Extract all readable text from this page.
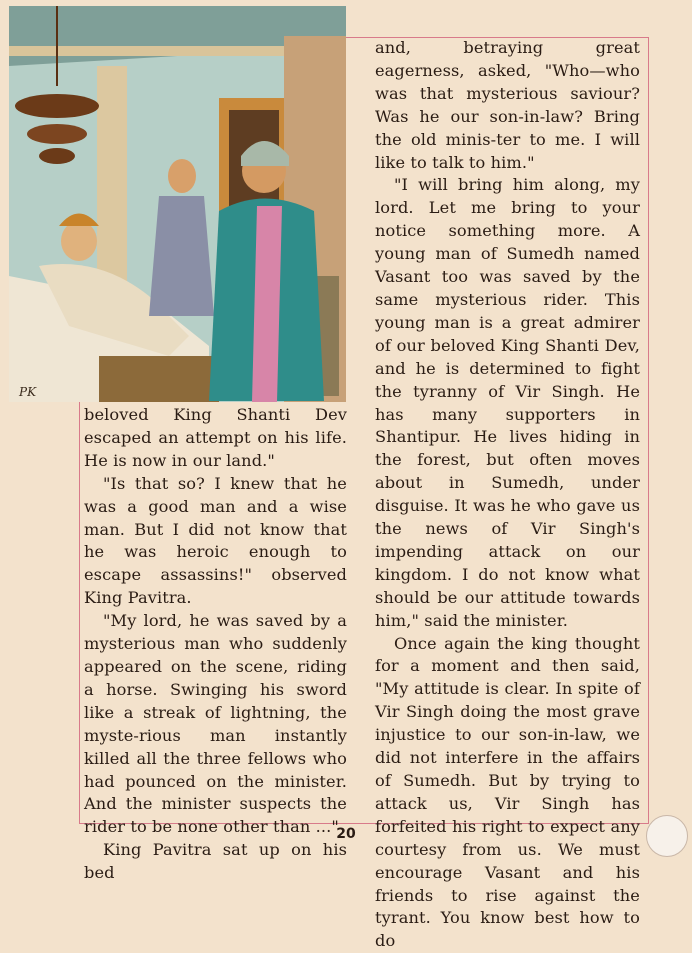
PK

beloved King Shanti Dev escaped an attempt on his life. He is now in our land."

"Is that so? I knew that he was a good man and a wise man. But I did not know that he was heroic enough to escape assassins!" observed King Pavitra.

"My lord, he was saved by a mysterious man who suddenly appeared on the scene, riding a horse. Swinging his sword like a streak of lightning, the myste-rious man instantly killed all the three fellows who had pounced on the minister. And the minister suspects the rider to be none other than ..."

King Pavitra sat up on his bed

and, betraying great eagerness, asked, "Who—who was that mysterious saviour? Was he our son-in-law? Bring the old minis-ter to me. I will like to talk to him."

"I will bring him along, my lord. Let me bring to your notice something more. A young man of Sumedh named Vasant too was saved by the same mysterious rider. This young man is a great admirer of our beloved King Shanti Dev, and he is determined to fight the tyranny of Vir Singh. He has many supporters in Shantipur. He lives hiding in the forest, but often moves about in Sumedh, under disguise. It was he who gave us the news of Vir Singh's impending attack on our kingdom. I do not know what should be our attitude towards him," said the minister.

Once again the king thought for a moment and then said, "My attitude is clear. In spite of Vir Singh doing the most grave injustice to our son-in-law, we did not interfere in the affairs of Sumedh. But by trying to attack us, Vir Singh has forfeited his right to expect any courtesy from us. We must encourage Vasant and his friends to rise against the tyrant. You know best how to do

20
